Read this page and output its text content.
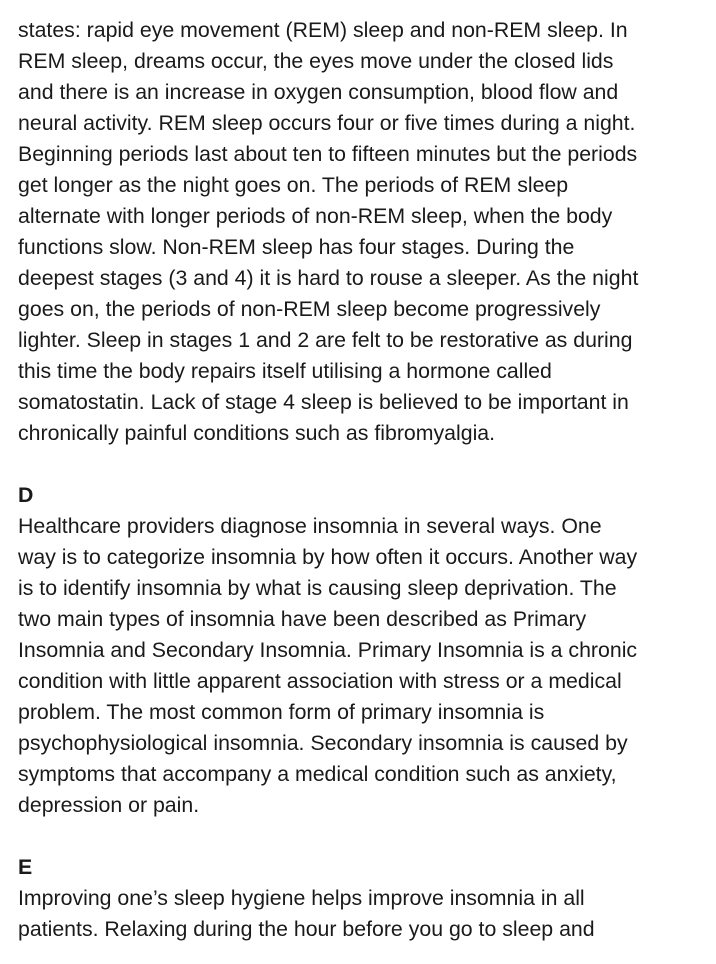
states: rapid eye movement (REM) sleep and non-REM sleep. In
REM sleep, dreams occur, the eyes move under the closed lids
and there is an increase in oxygen consumption, blood flow and
neural activity. REM sleep occurs four or five times during a night.
Beginning periods last about ten to fifteen minutes but the periods
get longer as the night goes on. The periods of REM sleep
alternate with longer periods of non-REM sleep, when the body
functions slow. Non-REM sleep has four stages. During the
deepest stages (3 and 4) it is hard to rouse a sleeper. As the night
goes on, the periods of non-REM sleep become progressively
lighter. Sleep in stages 1 and 2 are felt to be restorative as during
this time the body repairs itself utilising a hormone called
somatostatin. Lack of stage 4 sleep is believed to be important in
chronically painful conditions such as fibromyalgia.
D
Healthcare providers diagnose insomnia in several ways. One
way is to categorize insomnia by how often it occurs. Another way
is to identify insomnia by what is causing sleep deprivation. The
two main types of insomnia have been described as Primary
Insomnia and Secondary Insomnia. Primary Insomnia is a chronic
condition with little apparent association with stress or a medical
problem. The most common form of primary insomnia is
psychophysiological insomnia. Secondary insomnia is caused by
symptoms that accompany a medical condition such as anxiety,
depression or pain.
E
Improving one’s sleep hygiene helps improve insomnia in all
patients. Relaxing during the hour before you go to sleep and
